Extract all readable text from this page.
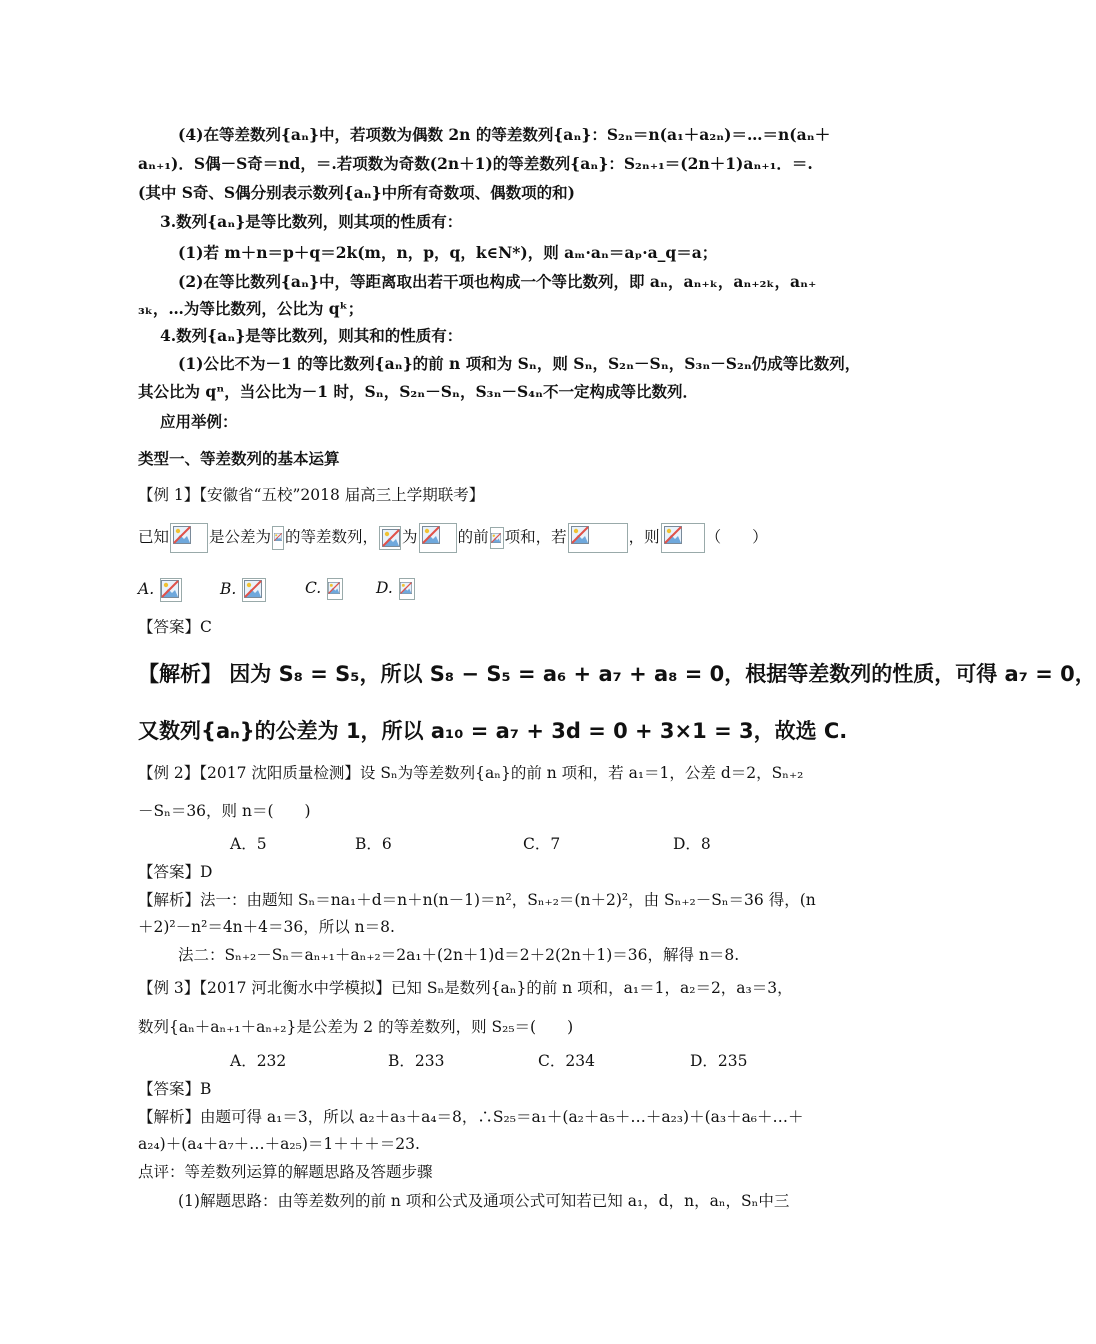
(4)在等差数列{aₙ}中，若项数为偶数 2n 的等差数列{aₙ}：S₂ₙ＝n(a₁＋a₂ₙ)＝…＝n(aₙ＋
aₙ₊₁)．S偶－S奇＝nd，＝.若项数为奇数(2n＋1)的等差数列{aₙ}：S₂ₙ₊₁＝(2n＋1)aₙ₊₁．＝.
(其中 S奇、S偶分别表示数列{aₙ}中所有奇数项、偶数项的和)
3.数列{aₙ}是等比数列，则其项的性质有：
(1)若 m＋n＝p＋q＝2k(m，n，p，q，k∈N*)，则 aₘ·aₙ＝aₚ·a_q＝a；
(2)在等比数列{aₙ}中，等距离取出若干项也构成一个等比数列，即 aₙ，aₙ₊ₖ，aₙ₊₂ₖ，aₙ₊
₃ₖ，…为等比数列，公比为 qᵏ；
4.数列{aₙ}是等比数列，则其和的性质有：
(1)公比不为－1 的等比数列{aₙ}的前 n 项和为 Sₙ，则 Sₙ，S₂ₙ－Sₙ，S₃ₙ－S₂ₙ仍成等比数列，
其公比为 qⁿ，当公比为－1 时，Sₙ，S₂ₙ－Sₙ，S₃ₙ－S₄ₙ不一定构成等比数列．
应用举例：
类型一、等差数列的基本运算
【例 1】【安徽省“五校”2018 届高三上学期联考】
已知	是公差为 的等差数列， 为	的前 项和，若	，则	（　　）
A.	B.	C.	D.
【答案】C
【解析】 因为 S₈ = S₅，所以 S₈ − S₅ = a₆ + a₇ + a₈ = 0，根据等差数列的性质，可得 a₇ = 0，
又数列{aₙ}的公差为 1，所以 a₁₀ = a₇ + 3d = 0 + 3×1 = 3，故选 C.
【例 2】【2017 沈阳质量检测】设 Sₙ为等差数列{aₙ}的前 n 项和，若 a₁＝1，公差 d＝2，Sₙ₊₂
－Sₙ＝36，则 n＝(　　)
A．5	B．6	C．7	D．8
【答案】D
【解析】法一：由题知 Sₙ＝na₁＋d＝n＋n(n－1)＝n²，Sₙ₊₂＝(n＋2)²，由 Sₙ₊₂－Sₙ＝36 得，(n
＋2)²－n²＝4n＋4＝36，所以 n＝8.
法二：Sₙ₊₂－Sₙ＝aₙ₊₁＋aₙ₊₂＝2a₁＋(2n＋1)d＝2＋2(2n＋1)＝36，解得 n＝8.
【例 3】【2017 河北衡水中学模拟】已知 Sₙ是数列{aₙ}的前 n 项和，a₁＝1，a₂＝2，a₃＝3，
数列{aₙ＋aₙ₊₁＋aₙ₊₂}是公差为 2 的等差数列，则 S₂₅＝(　　)
A．232	B．233	C．234	D．235
【答案】B
【解析】由题可得 a₁＝3，所以 a₂＋a₃＋a₄＝8，∴S₂₅＝a₁＋(a₂＋a₅＋…＋a₂₃)＋(a₃＋a₆＋…＋
a₂₄)＋(a₄＋a₇＋…＋a₂₅)＝1＋＋＋＝23.
点评：等差数列运算的解题思路及答题步骤
(1)解题思路：由等差数列的前 n 项和公式及通项公式可知若已知 a₁，d，n，aₙ，Sₙ中三
